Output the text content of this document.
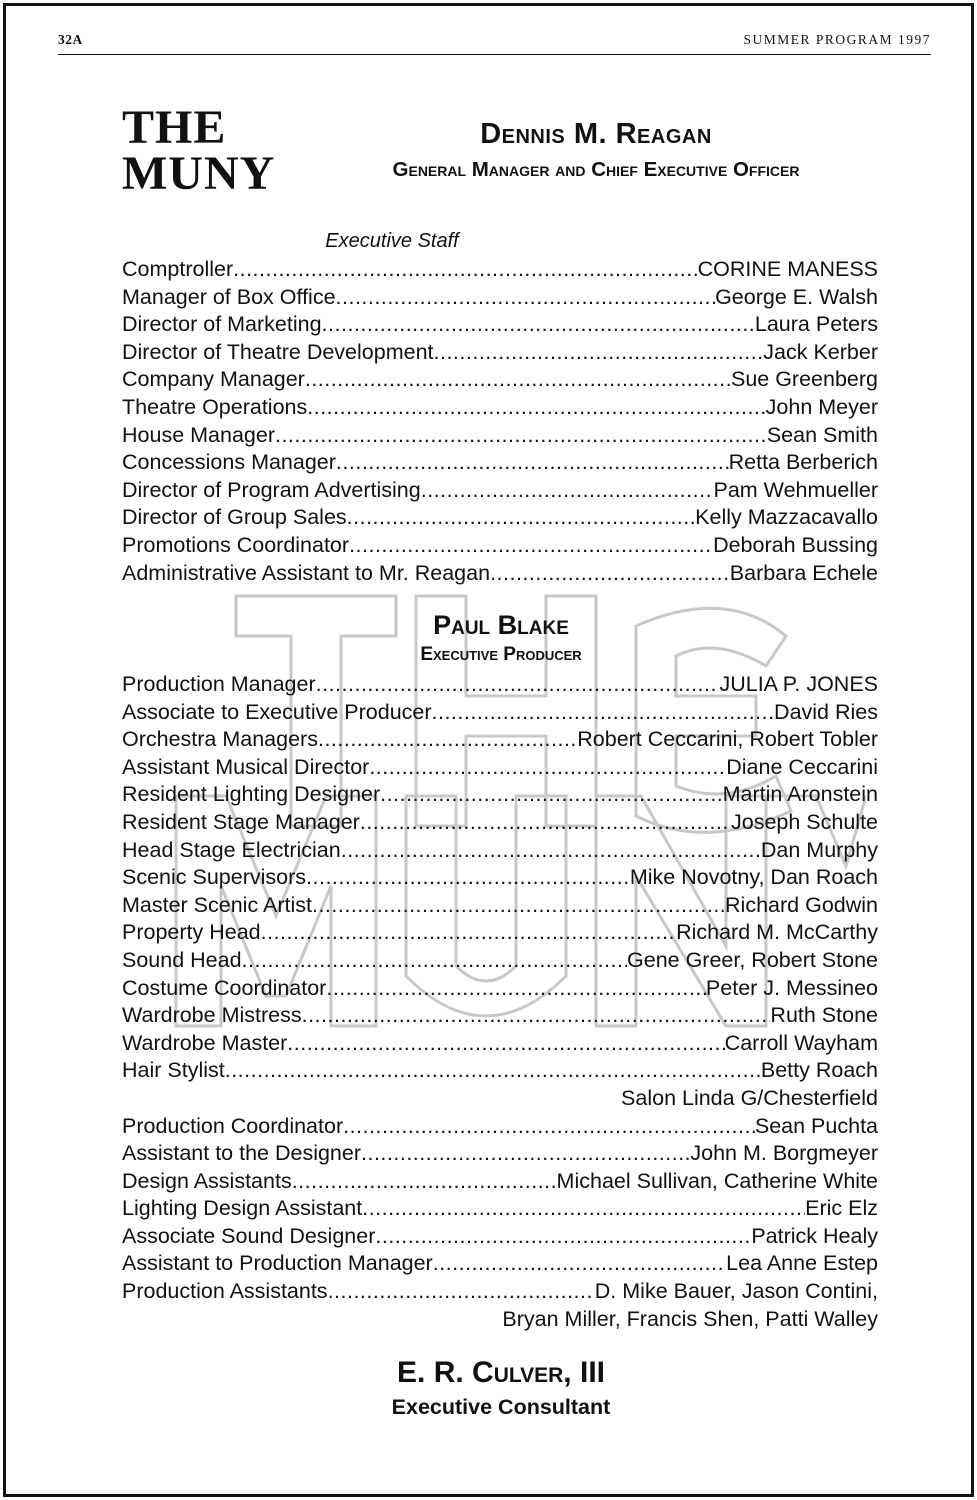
32A	SUMMER PROGRAM 1997
THE
MUNY
Dennis M. Reagan
General Manager and Chief Executive Officer
Executive Staff
Comptroller .....	CORINE MANESS
Manager of Box Office .....	George E. Walsh
Director of Marketing .....	Laura Peters
Director of Theatre Development .....	Jack Kerber
Company Manager .....	Sue Greenberg
Theatre Operations .....	John Meyer
House Manager .....	Sean Smith
Concessions Manager .....	Retta Berberich
Director of Program Advertising .....	Pam Wehmueller
Director of Group Sales .....	Kelly Mazzacavallo
Promotions Coordinator .....	Deborah Bussing
Administrative Assistant to Mr. Reagan .....	Barbara Echele
Paul Blake
Executive Producer
Production Manager .....	JULIA P. JONES
Associate to Executive Producer .....	David Ries
Orchestra Managers .....	Robert Ceccarini, Robert Tobler
Assistant Musical Director .....	Diane Ceccarini
Resident Lighting Designer .....	Martin Aronstein
Resident Stage Manager .....	Joseph Schulte
Head Stage Electrician .....	Dan Murphy
Scenic Supervisors .....	Mike Novotny, Dan Roach
Master Scenic Artist .....	Richard Godwin
Property Head .....	Richard M. McCarthy
Sound Head .....	Gene Greer, Robert Stone
Costume Coordinator .....	Peter J. Messineo
Wardrobe Mistress .....	Ruth Stone
Wardrobe Master .....	Carroll Wayham
Hair Stylist .....	Betty Roach
Salon Linda G/Chesterfield
Production Coordinator .....	Sean Puchta
Assistant to the Designer .....	John M. Borgmeyer
Design Assistants .....	Michael Sullivan, Catherine White
Lighting Design Assistant .....	Eric Elz
Associate Sound Designer .....	Patrick Healy
Assistant to Production Manager .....	Lea Anne Estep
Production Assistants .....	D. Mike Bauer, Jason Contini,
Bryan Miller, Francis Shen, Patti Walley
E. R. Culver, III
Executive Consultant
